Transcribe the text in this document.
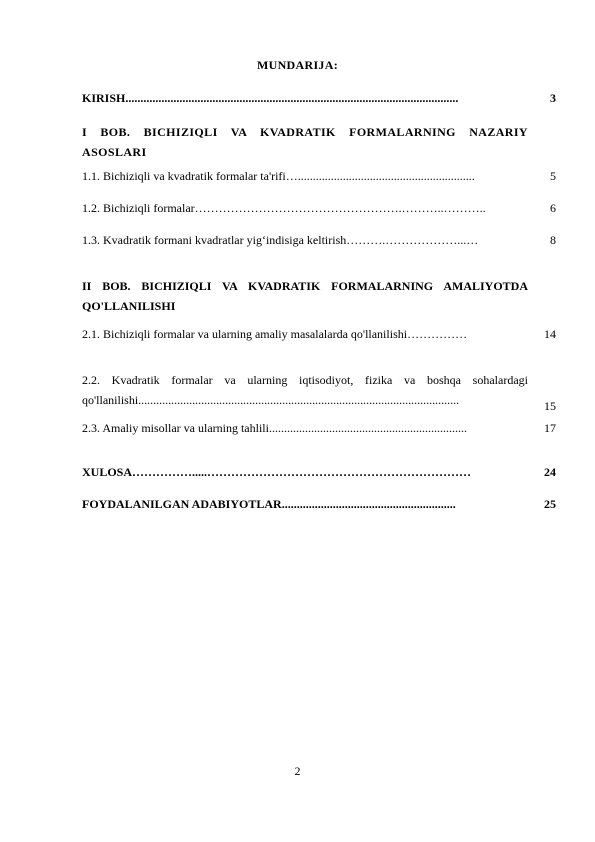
MUNDARIJA:
KIRISH...............................................................................................................	3
I BOB. BICHIZIQLI VA KVADRATIK FORMALARNING NAZARIY ASOSLARI
1.1. Bichiziqli va kvadratik formalar ta'rifi…...........................................................	5
1.2. Bichiziqli formalar…………………………………………….………..………..	6
1.3. Kvadratik formani kvadratlar yig‘indisiga keltirish……….………………...…	8
II BOB. BICHIZIQLI VA KVADRATIK FORMALARNING AMALIYOTDA QO'LLANILISHI
2.1. Bichiziqli formalar va ularning amaliy masalalarda qo'llanilishi……………	14
2.2. Kvadratik formalar va ularning iqtisodiyot, fizika va boshqa sohalardagi qo'llanilishi...........................................................................................................	15
2.3. Amaliy misollar va ularning tahlili..................................................................	17
XULOSA…………….....…………………………………………………………	24
FOYDALANILGAN ADABIYOTLAR..........................................................	25
2
